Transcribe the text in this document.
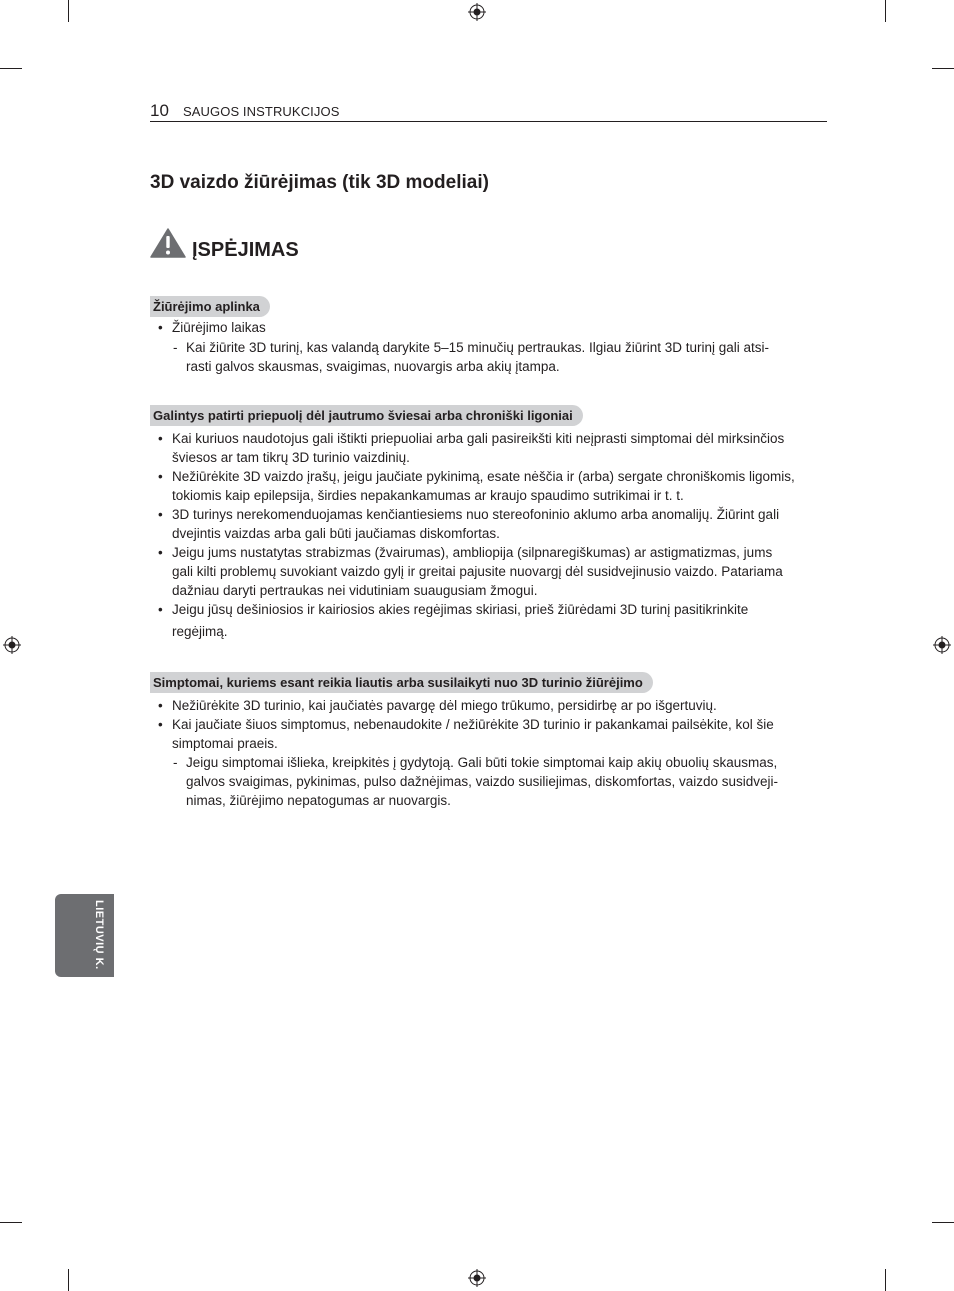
10 SAUGOS INSTRUKCIJOS
3D vaizdo žiūrėjimas (tik 3D modeliai)
ĮSPĖJIMAS
Žiūrėjimo aplinka
• Žiūrėjimo laikas
- Kai žiūrite 3D turinį, kas valandą darykite 5–15 minučių pertraukas. Ilgiau žiūrint 3D turinį gali atsi-
rasti galvos skausmas, svaigimas, nuovargis arba akių įtampa.
Galintys patirti priepuolį dėl jautrumo šviesai arba chroniški ligoniai
• Kai kuriuos naudotojus gali ištikti priepuoliai arba gali pasireikšti kiti neįprasti simptomai dėl mirksinčios
šviesos ar tam tikrų 3D turinio vaizdinių.
• Nežiūrėkite 3D vaizdo įrašų, jeigu jaučiate pykinimą, esate nėščia ir (arba) sergate chroniškomis ligomis,
tokiomis kaip epilepsija, širdies nepakankamumas ar kraujo spaudimo sutrikimai ir t. t.
• 3D turinys nerekomenduojamas kenčiantiesiems nuo stereofoninio aklumo arba anomalijų. Žiūrint gali
dvejintis vaizdas arba gali būti jaučiamas diskomfortas.
• Jeigu jums nustatytas strabizmas (žvairumas), ambliopija (silpnaregiškumas) ar astigmatizmas, jums
gali kilti problemų suvokiant vaizdo gylį ir greitai pajusite nuovargį dėl susidvejinusio vaizdo. Patariama
dažniau daryti pertraukas nei vidutiniam suaugusiam žmogui.
• Jeigu jūsų dešiniosios ir kairiosios akies regėjimas skiriasi, prieš žiūrėdami 3D turinį pasitikrinkite
regėjimą.
Simptomai, kuriems esant reikia liautis arba susilaikyti nuo 3D turinio žiūrėjimo
• Nežiūrėkite 3D turinio, kai jaučiatės pavargę dėl miego trūkumo, persidirbę ar po išgertuvių.
• Kai jaučiate šiuos simptomus, nebenaudokite / nežiūrėkite 3D turinio ir pakankamai pailsėkite, kol šie
simptomai praeis.
- Jeigu simptomai išlieka, kreipkitės į gydytoją. Gali būti tokie simptomai kaip akių obuolių skausmas,
galvos svaigimas, pykinimas, pulso dažnėjimas, vaizdo susiliejimas, diskomfortas, vaizdo susidveji-
nimas, žiūrėjimo nepatogumas ar nuovargis.
LIETUVIŲ K.
